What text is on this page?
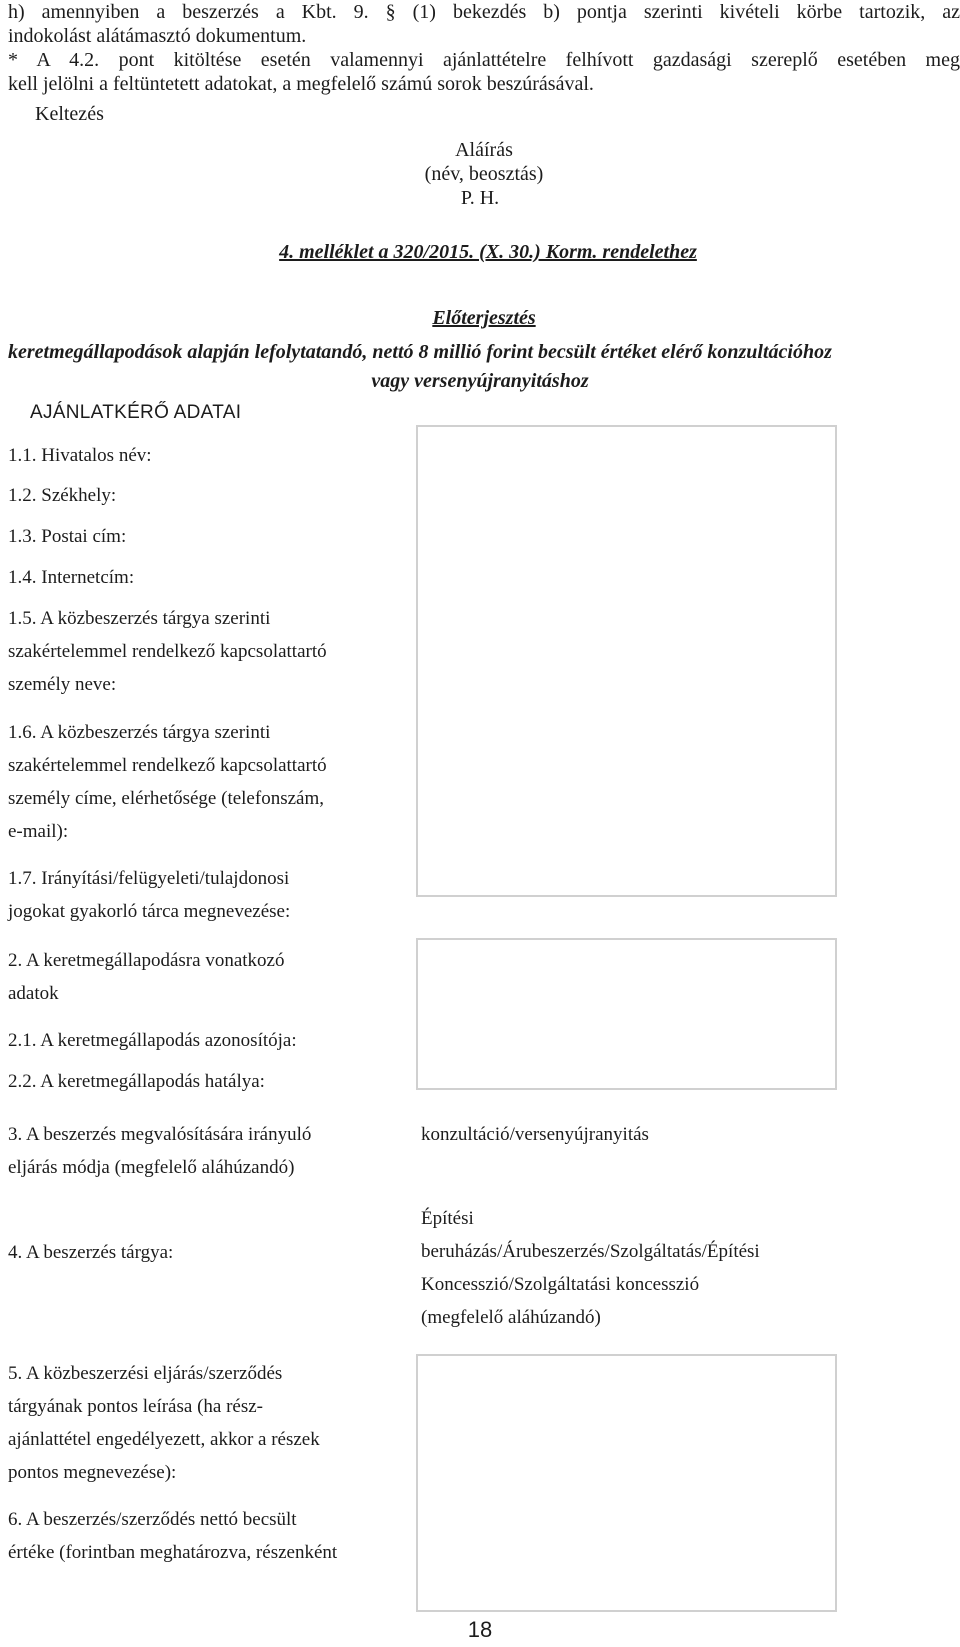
h) amennyiben a beszerzés a Kbt. 9. § (1) bekezdés b) pontja szerinti kivételi körbe tartozik, az
indokolást alátámasztó dokumentum.
* A 4.2. pont kitöltése esetén valamennyi ajánlattételre felhívott gazdasági szereplő esetében meg
kell jelölni a feltüntetett adatokat, a megfelelő számú sorok beszúrásával.
Keltezés
Aláírás
(név, beosztás)
P. H.
4. melléklet a 320/2015. (X. 30.) Korm. rendelethez
Előterjesztés
keretmegállapodások alapján lefolytatandó, nettó 8 millió forint becsült értéket elérő konzultációhoz
vagy versenyújranyitáshoz
AJÁNLATKÉRŐ ADATAI
1.1. Hivatalos név:
1.2. Székhely:
1.3. Postai cím:
1.4. Internetcím:
1.5. A közbeszerzés tárgya szerinti
szakértelemmel rendelkező kapcsolattartó
személy neve:
1.6. A közbeszerzés tárgya szerinti
szakértelemmel rendelkező kapcsolattartó
személy címe, elérhetősége (telefonszám,
e-mail):
1.7. Irányítási/felügyeleti/tulajdonosi
jogokat gyakorló tárca megnevezése:
2. A keretmegállapodásra vonatkozó
adatok
2.1. A keretmegállapodás azonosítója:
2.2. A keretmegállapodás hatálya:
3. A beszerzés megvalósítására irányuló
eljárás módja (megfelelő aláhúzandó)
konzultáció/versenyújranyitás
4. A beszerzés tárgya:
Építési
beruházás/Árubeszerzés/Szolgáltatás/Építési
Koncesszió/Szolgáltatási koncesszió
(megfelelő aláhúzandó)
5. A közbeszerzési eljárás/szerződés
tárgyának pontos leírása (ha rész-
ajánlattétel engedélyezett, akkor a részek
pontos megnevezése):
6. A beszerzés/szerződés nettó becsült
értéke (forintban meghatározva, részenként
18
